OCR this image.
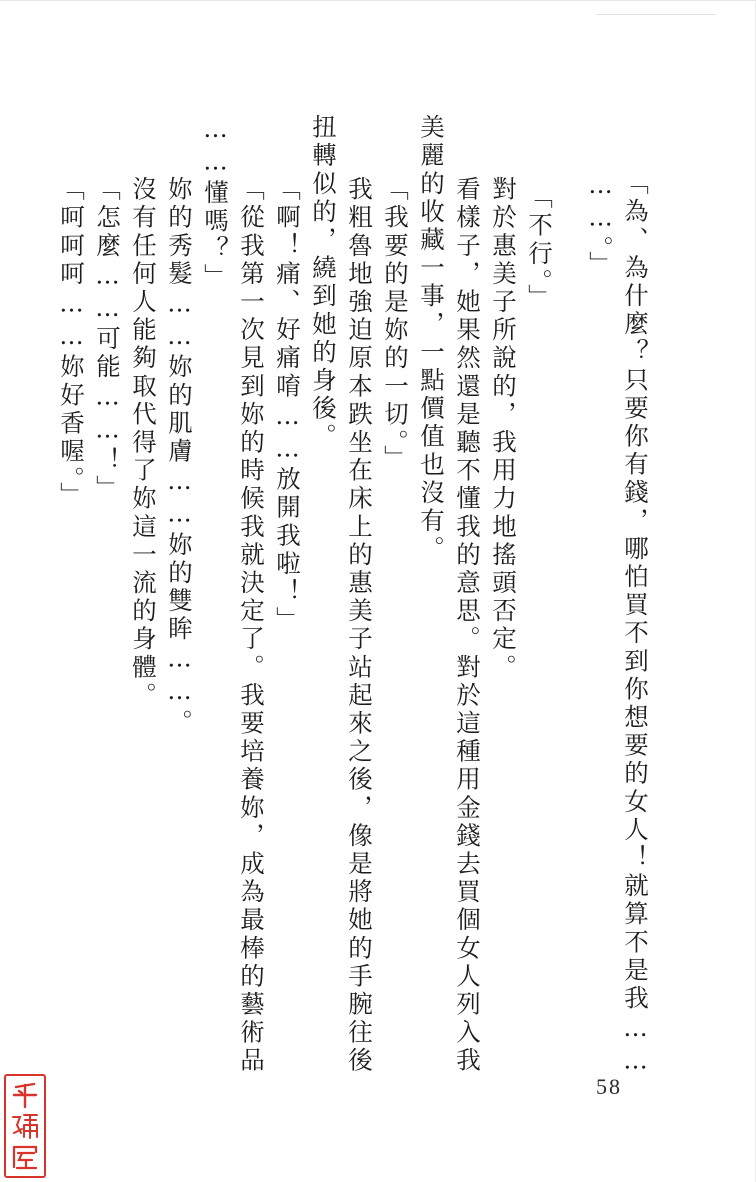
「為、為什麼？只要你有錢，哪怕買不到你想要的女人！就算不是我……
……。」
「不行。」
對於惠美子所說的，我用力地搖頭否定。
看樣子，她果然還是聽不懂我的意思。對於這種用金錢去買個女人列入我
美麗的收藏一事，一點價值也沒有。
「我要的是妳的一切。」
我粗魯地強迫原本跌坐在床上的惠美子站起來之後，像是將她的手腕往後
扭轉似的，繞到她的身後。
「啊！痛、好痛唷……放開我啦！」
「從我第一次見到妳的時候我就決定了。我要培養妳，成為最棒的藝術品
……懂嗎？」
妳的秀髮……妳的肌膚……妳的雙眸……。
沒有任何人能夠取代得了妳這一流的身體。
「怎麼……可能……！」
「呵呵呵……妳好香喔。」
58
